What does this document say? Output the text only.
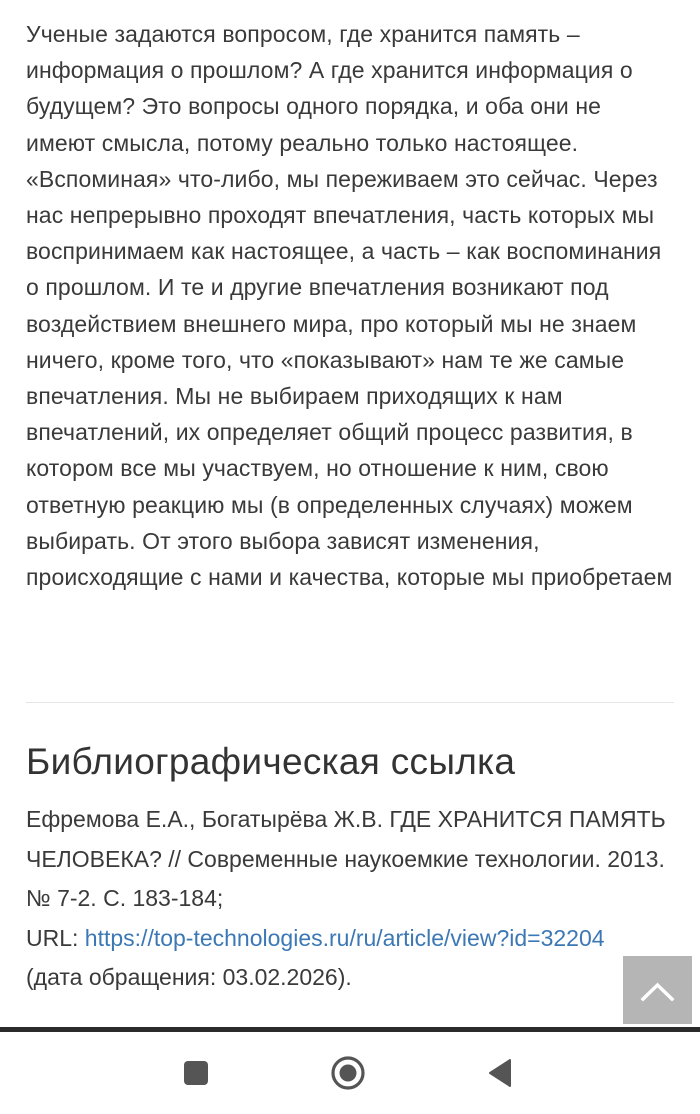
Ученые задаются вопросом, где хранится память – информация о прошлом? А где хранится информация о будущем? Это вопросы одного порядка, и оба они не имеют смысла, потому реально только настоящее. «Вспоминая» что-либо, мы переживаем это сейчас. Через нас непрерывно проходят впечатления, часть которых мы воспринимаем как настоящее, а часть – как воспоминания о прошлом. И те и другие впечатления возникают под воздействием внешнего мира, про который мы не знаем ничего, кроме того, что «показывают» нам те же самые впечатления. Мы не выбираем приходящих к нам впечатлений, их определяет общий процесс развития, в котором все мы участвуем, но отношение к ним, свою ответную реакцию мы (в определенных случаях) можем выбирать. От этого выбора зависят изменения, происходящие с нами и качества, которые мы приобретаем
Библиографическая ссылка
Ефремова Е.А., Богатырёва Ж.В. ГДЕ ХРАНИТСЯ ПАМЯТЬ ЧЕЛОВЕКА? // Современные наукоемкие технологии. 2013. № 7-2. С. 183-184;
URL: https://top-technologies.ru/ru/article/view?id=32204 (дата обращения: 03.02.2026).
